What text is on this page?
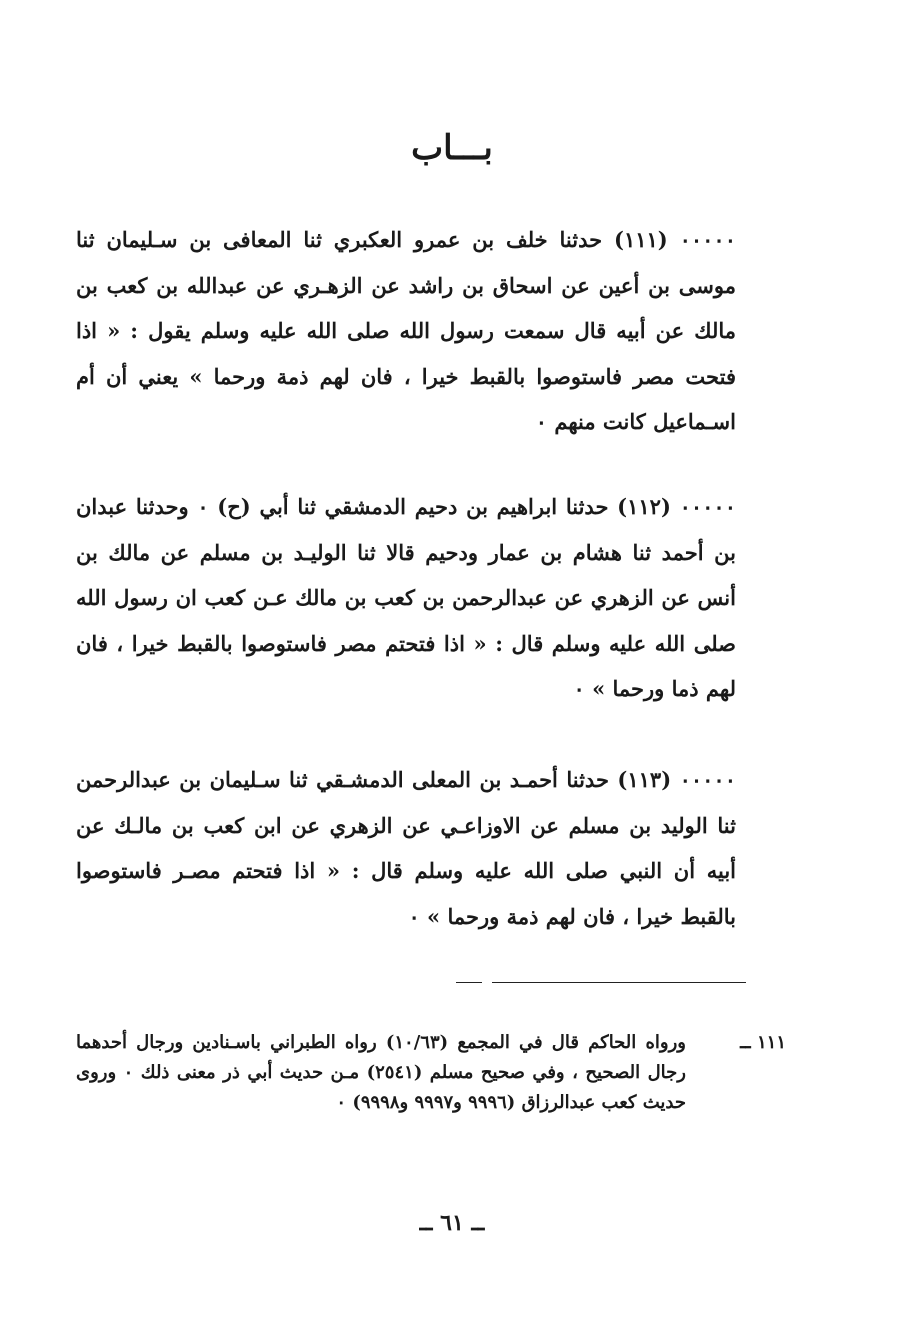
بـــاب

٠٠٠٠٠ (١١١) حدثنا خلف بن عمرو العكبري ثنا المعافى بن سـليمان ثنا موسى بن أعين عن اسحاق بن راشد عن الزهـري عن عبدالله بن كعب بن مالك عن أبيه قال سمعت رسول الله صلى الله عليه وسلم يقول : « اذا فتحت مصر فاستوصوا بالقبط خيرا ، فان لهم ذمة ورحما » يعني أن أم اسـماعيل كانت منهم ٠

٠٠٠٠٠ (١١٢) حدثنا ابراهيم بن دحيم الدمشقي ثنا أبي (ح) ٠ وحدثنا عبدان بن أحمد ثنا هشام بن عمار ودحيم قالا ثنا الوليـد بن مسلم عن مالك بن أنس عن الزهري عن عبدالرحمن بن كعب بن مالك عـن كعب ان رسول الله صلى الله عليه وسلم قال : « اذا فتحتم مصر فاستوصوا بالقبط خيرا ، فان لهم ذما ورحما » ٠

٠٠٠٠٠ (١١٣) حدثنا أحمـد بن المعلى الدمشـقي ثنا سـليمان بن عبدالرحمن ثنا الوليد بن مسلم عن الاوزاعـي عن الزهري عن ابن كعب بن مالـك عن أبيه أن النبي صلى الله عليه وسلم قال : « اذا فتحتم مصـر فاستوصوا بالقبط خيرا ، فان لهم ذمة ورحما » ٠

١١١ ــ
ورواه الحاكم قال في المجمع (١٠/٦٣) رواه الطبراني باسـنادين ورجال أحدهما رجال الصحيح ، وفي صحيح مسلم (٢٥٤١) مـن حديث أبي ذر معنى ذلك ٠ وروى حديث كعب عبدالرزاق (٩٩٩٦ و٩٩٩٧ و٩٩٩٨) ٠
ــ ٦١ ــ
